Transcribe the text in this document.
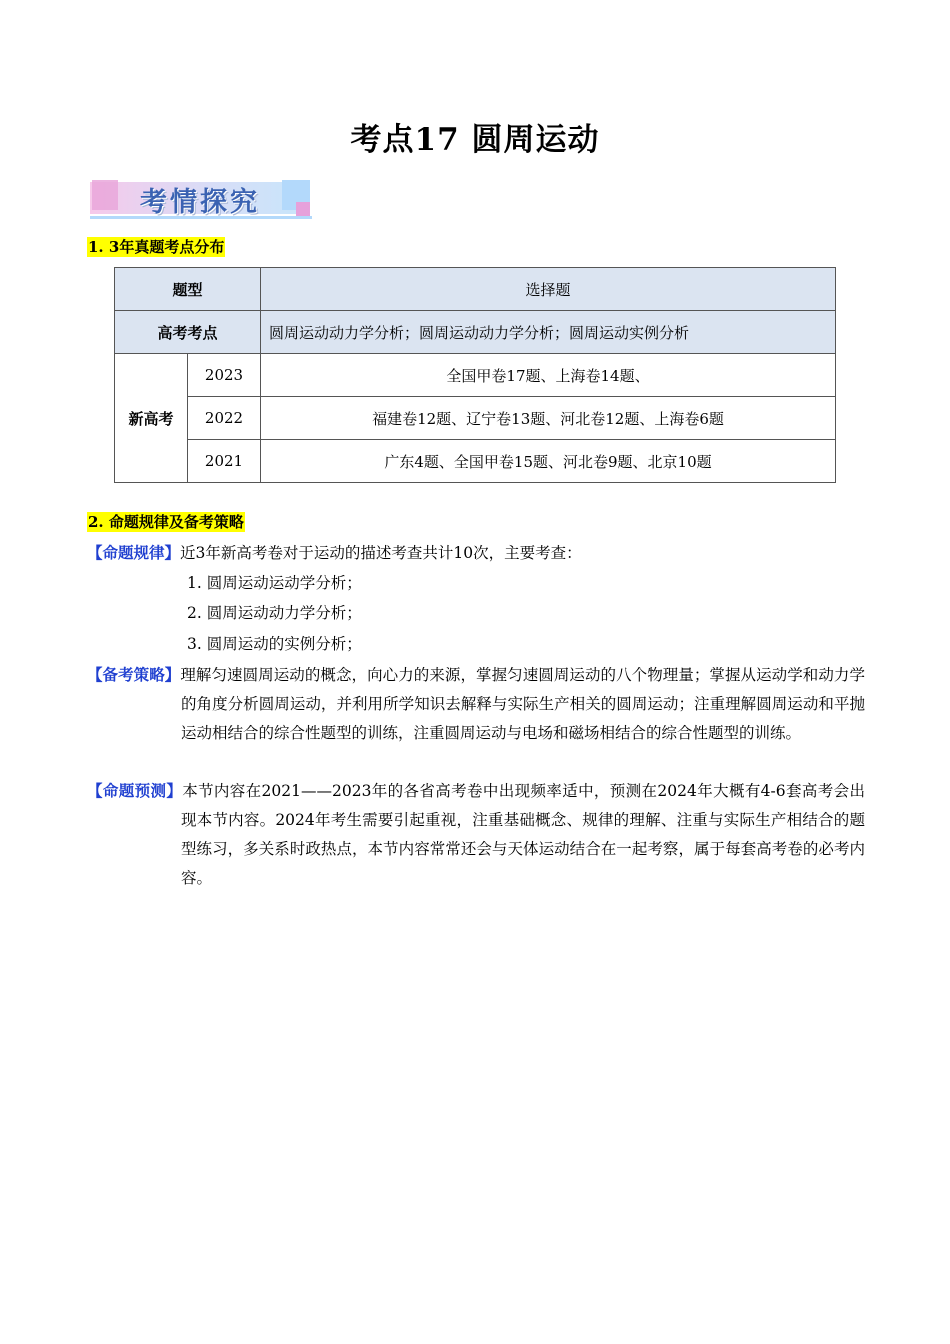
考点17 圆周运动
考情探究
1. 3年真题考点分布
题型		选择题
高考考点		圆周运动动力学分析；圆周运动动力学分析；圆周运动实例分析
新高考	2023	全国甲卷17题、上海卷14题、
	2022	福建卷12题、辽宁卷13题、河北卷12题、上海卷6题
	2021	广东4题、全国甲卷15题、河北卷9题、北京10题
2. 命题规律及备考策略
【命题规律】近3年新高考卷对于运动的描述考查共计10次，主要考查：
1. 圆周运动运动学分析；
2. 圆周运动动力学分析；
3. 圆周运动的实例分析；
【备考策略】理解匀速圆周运动的概念，向心力的来源，掌握匀速圆周运动的八个物理量；掌握从运动学和动力学的角度分析圆周运动，并利用所学知识去解释与实际生产相关的圆周运动；注重理解圆周运动和平抛运动相结合的综合性题型的训练，注重圆周运动与电场和磁场相结合的综合性题型的训练。
【命题预测】本节内容在2021——2023年的各省高考卷中出现频率适中，预测在2024年大概有4-6套高考会出现本节内容。2024年考生需要引起重视，注重基础概念、规律的理解、注重与实际生产相结合的题型练习，多关系时政热点，本节内容常常还会与天体运动结合在一起考察，属于每套高考卷的必考内容。
